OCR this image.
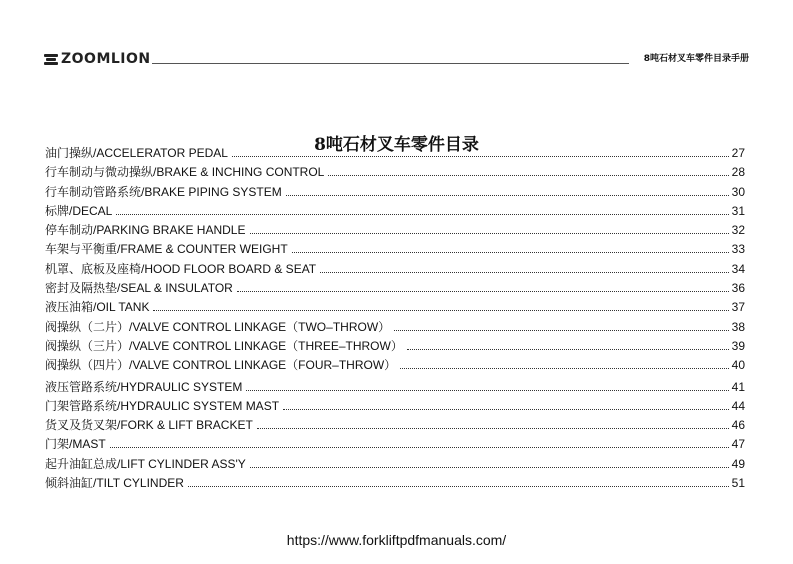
ZOOMLION	8吨石材叉车零件目录手册
8吨石材叉车零件目录
油门操纵/ACCELERATOR PEDAL	27
行车制动与微动操纵/BRAKE & INCHING CONTROL	28
行车制动管路系统/BRAKE PIPING SYSTEM	30
标牌/DECAL	31
停车制动/PARKING BRAKE HANDLE	32
车架与平衡重/FRAME & COUNTER WEIGHT	33
机罩、底板及座椅/HOOD FLOOR BOARD & SEAT	34
密封及隔热垫/SEAL & INSULATOR	36
液压油箱/OIL TANK	37
阀操纵（二片）/VALVE CONTROL LINKAGE（TWO–THROW）	38
阀操纵（三片）/VALVE CONTROL LINKAGE（THREE–THROW）	39
阀操纵（四片）/VALVE CONTROL LINKAGE（FOUR–THROW）	40
液压管路系统/HYDRAULIC SYSTEM	41
门架管路系统/HYDRAULIC SYSTEM MAST	44
货叉及货叉架/FORK & LIFT BRACKET	46
门架/MAST	47
起升油缸总成/LIFT CYLINDER ASS'Y	49
倾斜油缸/TILT CYLINDER	51
https://www.forkliftpdfmanuals.com/
